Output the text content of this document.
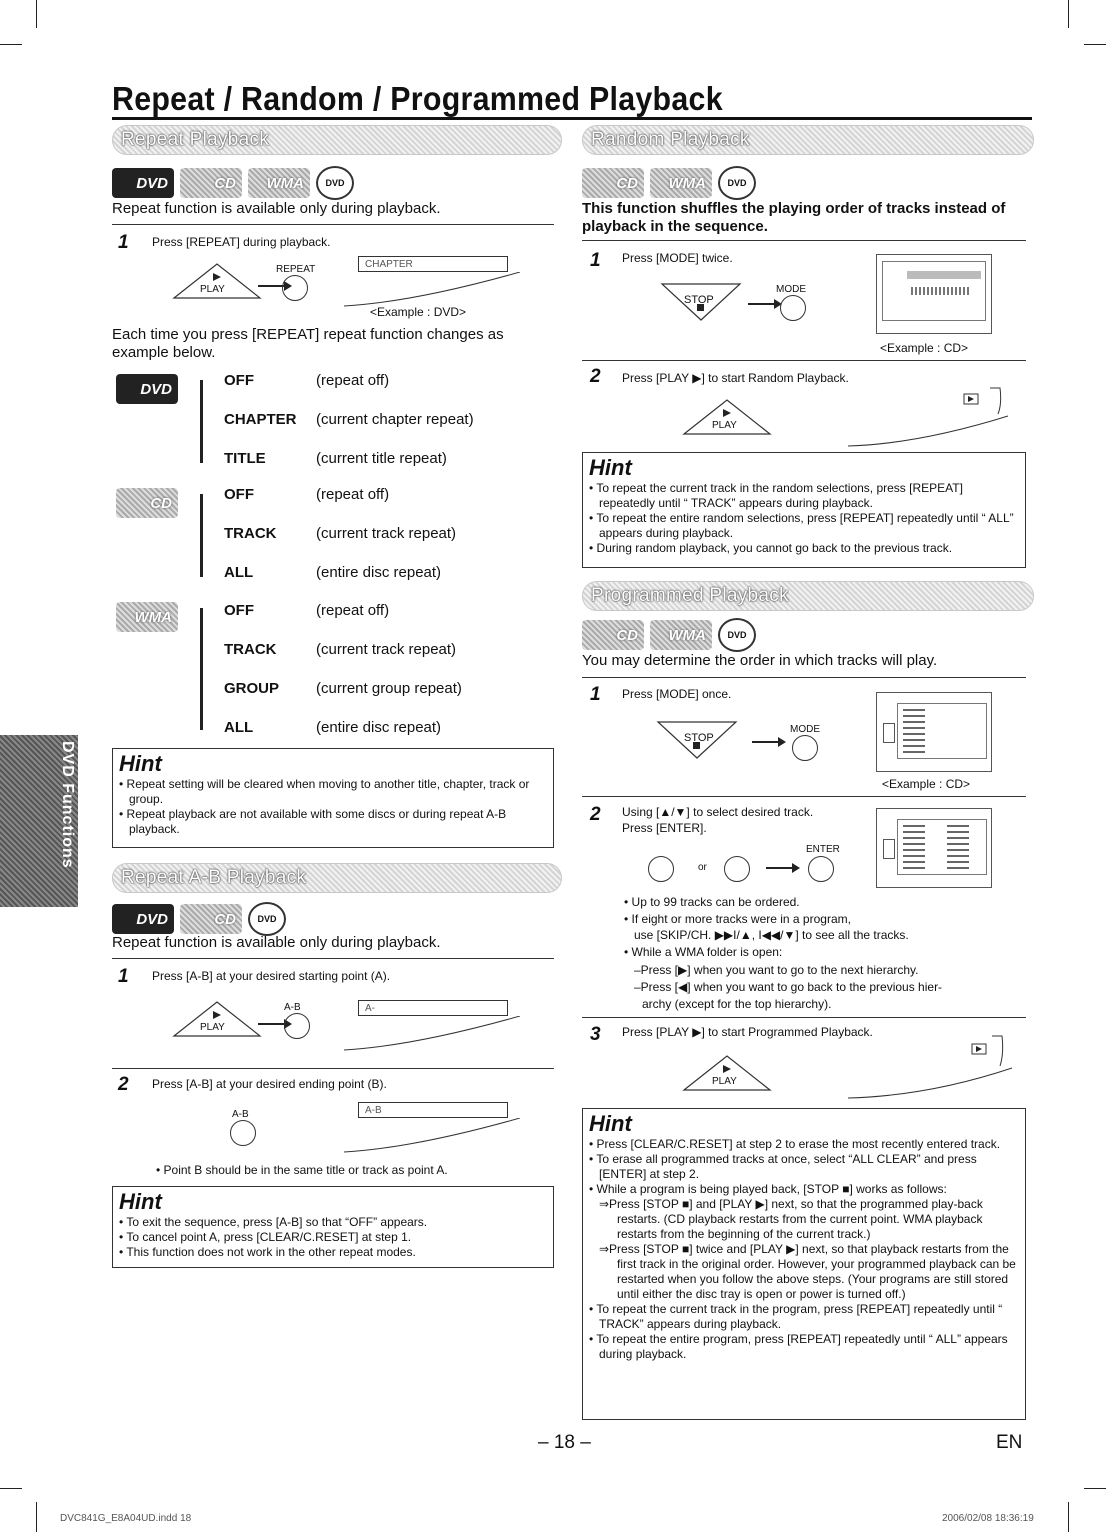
Repeat / Random / Programmed Playback
DVD Functions
Repeat Playback
DVD	CD	WMA	DVD
Repeat function is available only during playback.
1 Press [REPEAT] during playback.
PLAY
REPEAT	CHAPTER
<Example : DVD>
Each time you press [REPEAT] repeat function changes as example below.
DVD	OFF	(repeat off)
CHAPTER (current chapter repeat)
TITLE	(current title repeat)
CD	OFF	(repeat off)
TRACK	(current track repeat)
ALL	(entire disc repeat)
WMA	OFF	(repeat off)
TRACK	(current track repeat)
GROUP (current group repeat)
ALL	(entire disc repeat)
Hint
• Repeat setting will be cleared when moving to another title, chapter, track or group.
• Repeat playback are not available with some discs or during repeat A-B playback.
Repeat A-B Playback
DVD	CD	DVD
Repeat function is available only during playback.
1 Press [A-B] at your desired starting point (A).
PLAY
A-B	A-
2 Press [A-B] at your desired ending point (B).
A-B	A-B
• Point B should be in the same title or track as point A.
Hint
• To exit the sequence, press [A-B] so that “OFF” appears.
• To cancel point A, press [CLEAR/C.RESET] at step 1.
• This function does not work in the other repeat modes.
Random Playback
CD	WMA	DVD
This function shuffles the playing order of tracks instead of playback in the sequence.
1 Press [MODE] twice.
STOP
MODE
<Example : CD>
2 Press [PLAY ▶] to start Random Playback.
PLAY
Hint
• To repeat the current track in the random selections, press [REPEAT] repeatedly until “ TRACK” appears during playback.
• To repeat the entire random selections, press [REPEAT] repeatedly until “ ALL” appears during playback.
• During random playback, you cannot go back to the previous track.
Programmed Playback
CD	WMA	DVD
You may determine the order in which tracks will play.
1 Press [MODE] once.
STOP
MODE
<Example : CD>
2 Using [▲/▼] to select desired track.
Press [ENTER].
or
ENTER
• Up to 99 tracks can be ordered.
• If eight or more tracks were in a program,
use [SKIP/CH. ▶▶I/▲, I◀◀/▼] to see all the tracks.
• While a WMA folder is open:
–Press [▶] when you want to go to the next hierarchy.
–Press [◀] when you want to go back to the previous hier-
archy (except for the top hierarchy).
3 Press [PLAY ▶] to start Programmed Playback.
PLAY
Hint
• Press [CLEAR/C.RESET] at step 2 to erase the most recently entered track.
• To erase all programmed tracks at once, select “ALL CLEAR” and press [ENTER] at step 2.
• While a program is being played back, [STOP ■] works as follows:
⇒Press [STOP ■] and [PLAY ▶] next, so that the programmed play-back restarts. (CD playback restarts from the current point. WMA playback restarts from the beginning of the current track.)
⇒Press [STOP ■] twice and [PLAY ▶] next, so that playback restarts from the first track in the original order. However, your programmed playback can be restarted when you follow the above steps. (Your programs are still stored until either the disc tray is open or power is turned off.)
• To repeat the current track in the program, press [REPEAT] repeatedly until “ TRACK” appears during playback.
• To repeat the entire program, press [REPEAT] repeatedly until “ ALL” appears during playback.
– 18 –	EN
DVC841G_E8A04UD.indd 18	2006/02/08 18:36:19
